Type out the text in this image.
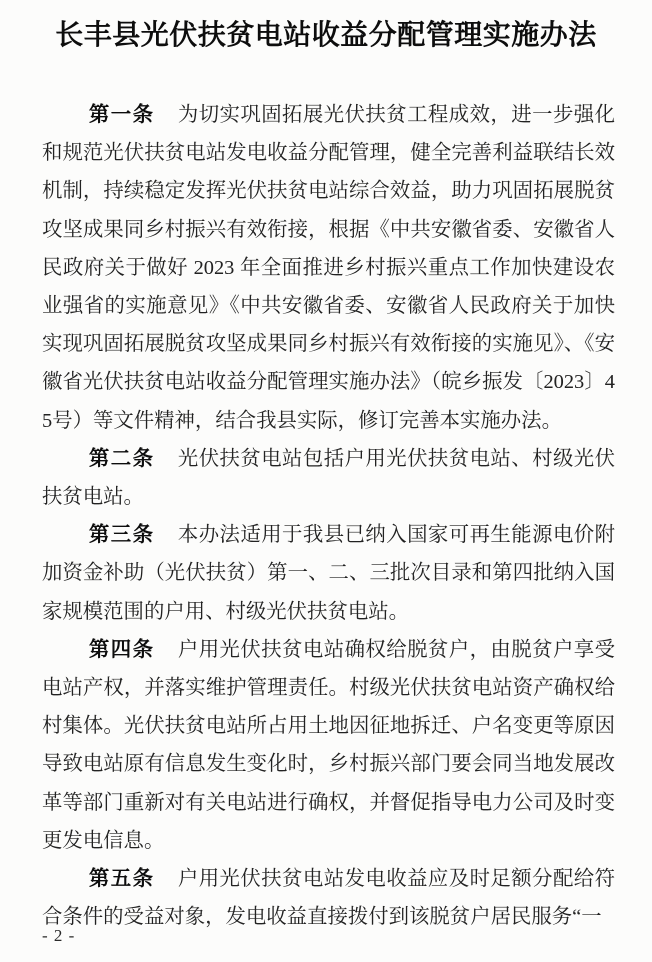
长丰县光伏扶贫电站收益分配管理实施办法

第一条 为切实巩固拓展光伏扶贫工程成效，进一步强化和规范光伏扶贫电站发电收益分配管理，健全完善利益联结长效机制，持续稳定发挥光伏扶贫电站综合效益，助力巩固拓展脱贫攻坚成果同乡村振兴有效衔接，根据《中共安徽省委、安徽省人民政府关于做好 2023 年全面推进乡村振兴重点工作加快建设农业强省的实施意见》《中共安徽省委、安徽省人民政府关于加快实现巩固拓展脱贫攻坚成果同乡村振兴有效衔接的实施见》、《安徽省光伏扶贫电站收益分配管理实施办法》（皖乡振发〔2023〕45号）等文件精神，结合我县实际，修订完善本实施办法。

第二条 光伏扶贫电站包括户用光伏扶贫电站、村级光伏扶贫电站。

第三条 本办法适用于我县已纳入国家可再生能源电价附加资金补助（光伏扶贫）第一、二、三批次目录和第四批纳入国家规模范围的户用、村级光伏扶贫电站。

第四条 户用光伏扶贫电站确权给脱贫户，由脱贫户享受电站产权，并落实维护管理责任。村级光伏扶贫电站资产确权给村集体。光伏扶贫电站所占用土地因征地拆迁、户名变更等原因导致电站原有信息发生变化时，乡村振兴部门要会同当地发展改革等部门重新对有关电站进行确权，并督促指导电力公司及时变更发电信息。

第五条 户用光伏扶贫电站发电收益应及时足额分配给符合条件的受益对象，发电收益直接拨付到该脱贫户居民服务“一

- 2 -
